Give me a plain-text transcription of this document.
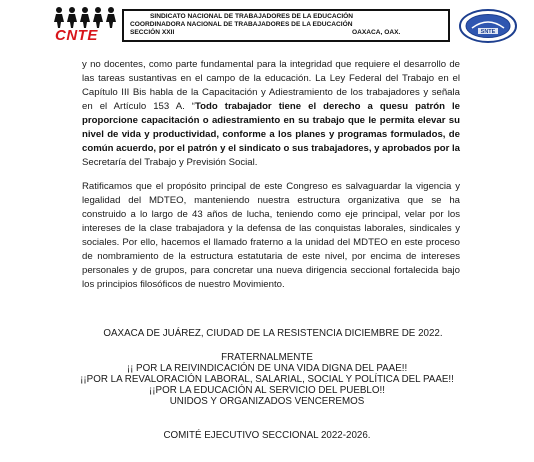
CNTE
SINDICATO NACIONAL DE TRABAJADORES DE LA EDUCACIÓN
COORDINADORA NACIONAL DE TRABAJADORES DE LA EDUCACIÓN
SECCIÓN XXII	OAXACA, OAX.	SNTE
y no docentes, como parte fundamental para la integridad que requiere el desarrollo de las tareas sustantivas en el campo de la educación. La Ley Federal del Trabajo en el Capítulo III Bis habla de la Capacitación y Adiestramiento de los trabajadores y señala en el Artículo 153 A. “Todo trabajador tiene el derecho a quesu patrón le proporcione capacitación o adiestramiento en su trabajo que le permita elevar su nivel de vida y productividad, conforme a los planes y programas formulados, de común acuerdo, por el patrón y el sindicato o sus trabajadores, y aprobados por la Secretaría del Trabajo y Previsión Social.
Ratificamos que el propósito principal de este Congreso es salvaguardar la vigencia y legalidad del MDTEO, manteniendo nuestra estructura organizativa que se ha construido a lo largo de 43 años de lucha, teniendo como eje principal, velar por los intereses de la clase trabajadora y la defensa de las conquistas laborales, sindicales y sociales. Por ello, hacemos el llamado fraterno a la unidad del MDTEO en este proceso de nombramiento de la estructura estatutaria de este nivel, por encima de intereses personales y de grupos, para concretar una nueva dirigencia seccional fortalecida bajo los principios filosóficos de nuestro Movimiento.
OAXACA DE JUÁREZ, CIUDAD DE LA RESISTENCIA DICIEMBRE DE 2022.
FRATERNALMENTE
¡¡ POR LA REIVINDICACIÓN DE UNA VIDA DIGNA DEL PAAE!!
¡¡POR LA REVALORACIÓN LABORAL, SALARIAL, SOCIAL Y POLÍTICA DEL PAAE!!
¡¡POR LA EDUCACIÓN AL SERVICIO DEL PUEBLO!!
UNIDOS Y ORGANIZADOS VENCEREMOS
COMITÉ EJECUTIVO SECCIONAL 2022-2026.
